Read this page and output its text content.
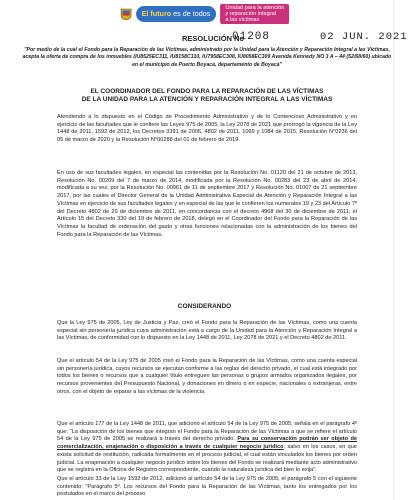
El futuro es de todos
Unidad para la atención
y reparación integral
a las víctimas
RESOLUCIÓN No
01208	02 JUN. 2021
"Por medio de la cual el Fondo para la Reparación de las Víctimas, administrado por la Unidad para la Atención y Reparación Integral a las Víctimas, acepta la oferta de compra de los inmuebles (IU8525EC311, IU8158C310, IU7958EC308, IU8058EC309 Avenida Kennedy NO 3 A – 44 (52/68/60) ubicado en el municipio de Puerto Boyacá, departamento de Boyacá"
EL COORDINADOR DEL FONDO PARA LA REPARACIÓN DE LAS VÍCTIMAS
DE LA UNIDAD PARA LA ATENCIÓN Y REPARACIÓN INTEGRAL A LAS VÍCTIMAS
Atendiendo a lo dispuesto en el Código de Procedimiento Administrativo y de lo Contencioso Administrativo y en ejercicio de las facultades que le confiere las Leyes 975 de 2005, la Ley 2078 de 2021 que prorrogó la vigencia de la Ley 1448 de 2011, 1592 de 2012, los Decretos 3391 de 2006, 4802 de 2011, 1069 y 1084 de 2015, Resolución N°0236 del 05 de marzo de 2020 y la Resolución N°00288 del 01 de febrero de 2019.
En uso de sus facultades legales, en especial las contenidas por la Resolución No. 01120 del 21 de octubre de 2013, Resolución No. 00209 del 7 de marzo de 2014, modificada por la Resolución No. 00283 del 23 de abril de 2014, modificada a su vez, por la Resolución No. 00961 de 11 de septiembre 2017 y Resolución No. 01007 de 21 septiembre 2017, por las cuales el Director General de la Unidad Administrativa Especial de Atención y Reparación Integral a las Víctimas en ejercicio de sus facultades legales y en especial de las que le confieren los numerales 19 y 23 del Artículo 7º del Decreto 4802 de 20 de diciembre de 2011, en concordancia con el decreto 4968 del 30 de diciembre de 2011; el Artículo 15 del Decreto 330 del 19 de febrero de 2018, delegó en el Coordinador del Fondo para la Reparación de las Víctimas la facultad de ordenación del gasto y otras funciones relacionadas con la administración de los bienes del Fondo para la Reparación de las Víctimas.
CONSIDERANDO
Que la Ley 975 de 2005, Ley de Justicia y Paz, creó el Fondo para la Reparación de las Víctimas, como una cuenta especial sin personería jurídica cuya administración está a cargo de la Unidad para la Atención y Reparación Integral a las Víctimas, de conformidad con lo dispuesto en la Ley 1448 de 2011, Ley 2078 de 2021 y el Decreto 4802 de 2011.
Que el artículo 54 de la Ley 975 de 2005 creó el Fondo para la Reparación de las Víctimas, como una cuenta especial sin personería jurídica, cuyos recursos se ejecutan conforme a las reglas del derecho privado, el cual está integrado por todos los bienes o recursos que a cualquier título entreguen las personas o grupos armados organizados ilegales, por recursos provenientes del Presupuesto Nacional, y donaciones en dinero o en especie, nacionales o extranjeras, entre otros, con el objeto de reparar a las víctimas de la violencia.
Que el artículo 177 de la Ley 1448 de 2011, que adicionó el artículo 54 de la Ley 975 de 2005, señala en el parágrafo 4º que: "La disposición de los bienes que integran el Fondo para la Reparación de las Víctimas a que se refiere el artículo 54 de la Ley 975 de 2005 se realizará a través del derecho privado. Para su conservación podrán ser objeto de comercialización, enajenación o disposición a través de cualquier negocio jurídico, salvo en los casos, en que exista solicitud de restitución, radicada formalmente en el proceso judicial, el cual están vinculados los bienes por orden judicial. La enajenación a cualquier negocio jurídico sobre los bienes del Fondo se realizará mediante acto administrativo que se registra en la Oficina de Registro correspondiente, cuando la naturaleza jurídica del bien lo exija".
Que el artículo 33 de la Ley 1592 de 2012, adicionó al artículo 54 de la Ley 975 de 2005, el parágrafo 5 con el siguiente contenido: "Parágrafo 5º. Los recursos del Fondo para la Reparación de las Víctimas, tanto los entregados por los postulados en el marco del proceso
